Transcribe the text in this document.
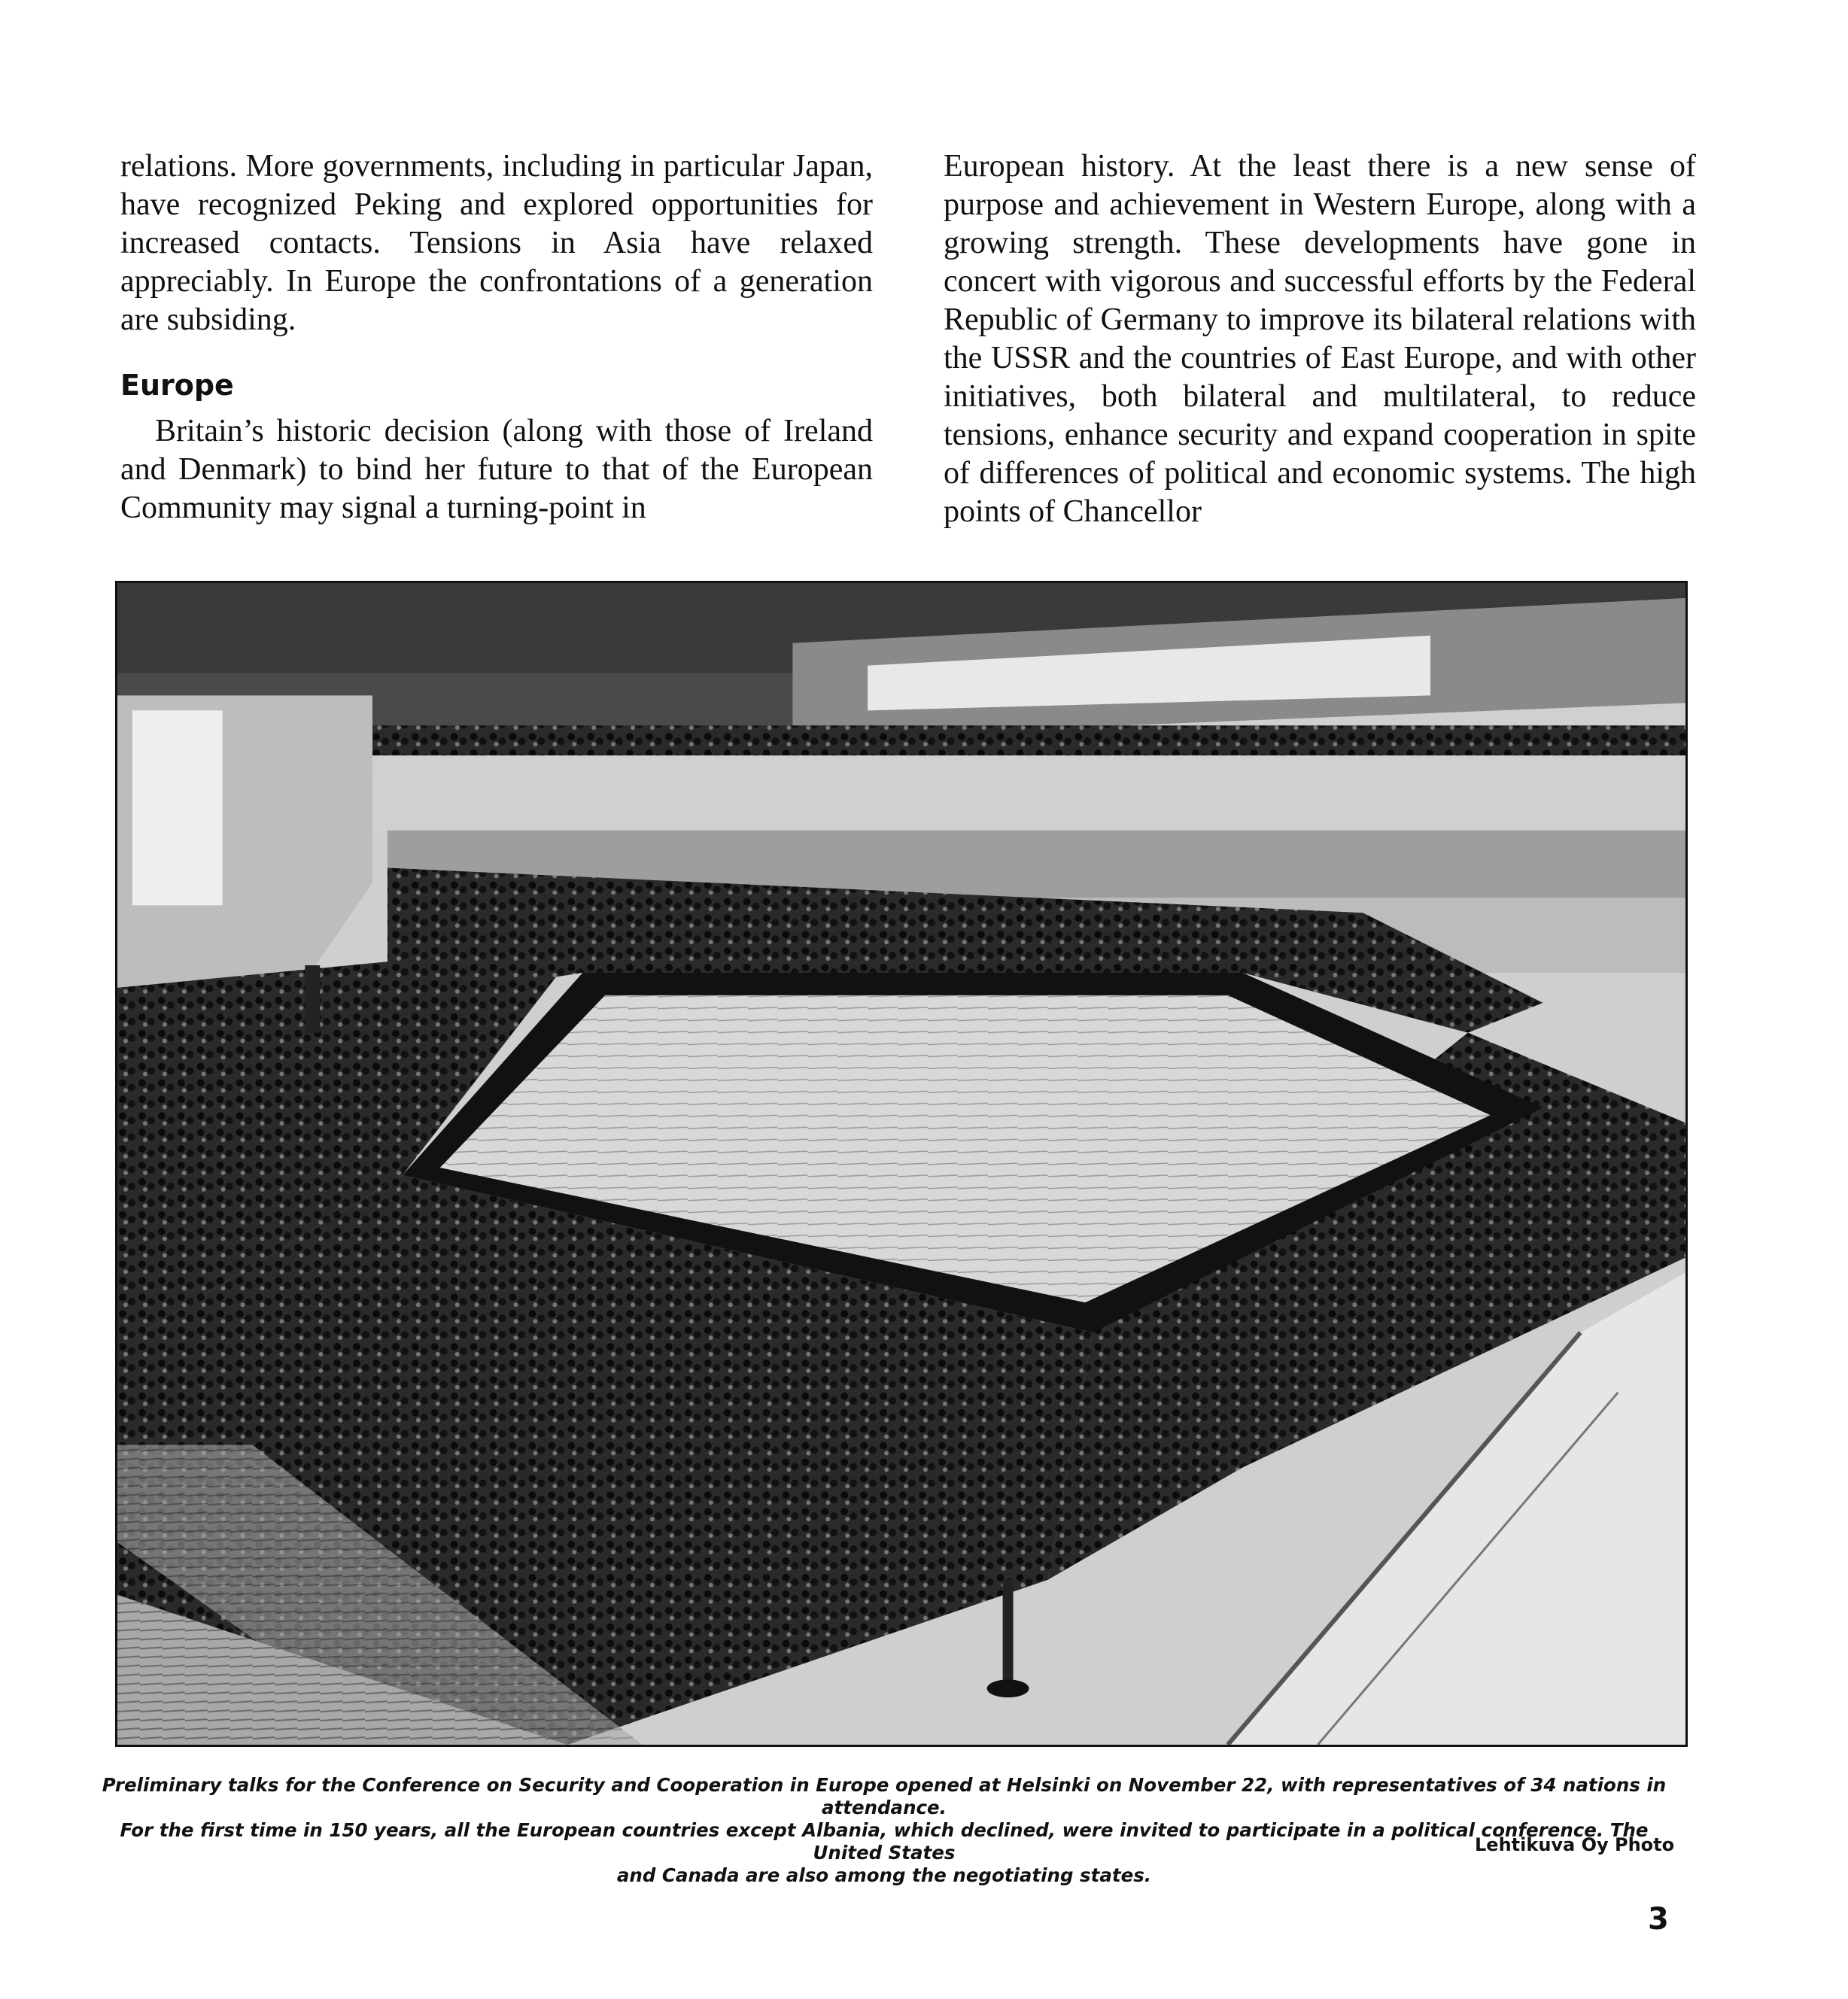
relations. More governments, including in particular Japan, have recognized Peking and explored opportunities for increased contacts. Tensions in Asia have relaxed appreciably. In Europe the confrontations of a generation are subsiding.

Europe

Britain’s historic decision (along with those of Ireland and Denmark) to bind her future to that of the European Community may signal a turning-point in

European history. At the least there is a new sense of purpose and achievement in Western Europe, along with a growing strength. These developments have gone in concert with vigorous and successful efforts by the Federal Republic of Germany to improve its bilateral relations with the USSR and the countries of East Europe, and with other initiatives, both bilateral and multilateral, to reduce tensions, enhance security and expand cooperation in spite of differences of political and economic systems. The high points of Chancellor

Preliminary talks for the Conference on Security and Cooperation in Europe opened at Helsinki on November 22, with representatives of 34 nations in attendance.

For the first time in 150 years, all the European countries except Albania, which declined, were invited to participate in a political conference. The United States

and Canada are also among the negotiating states.

Lehtikuva Oy Photo
3
